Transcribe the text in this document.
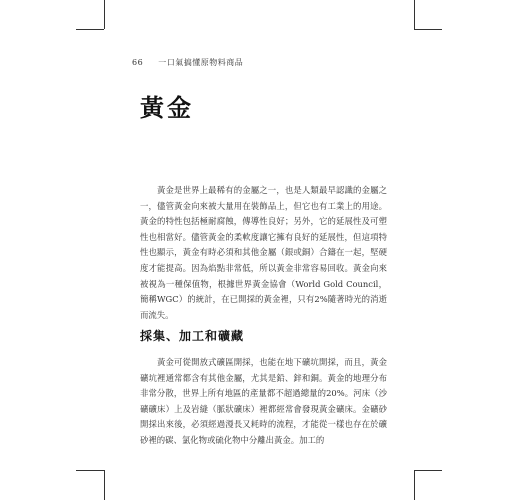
66 一口氣搞懂原物料商品
黃金

黃金是世界上最稀有的金屬之一，也是人類最早認識的金屬之一，儘管黃金向來被大量用在裝飾品上，但它也有工業上的用途。黃金的特性包括極耐腐蝕，傳導性良好；另外，它的延展性及可塑性也相當好。儘管黃金的柔軟度讓它擁有良好的延展性，但這項特性也顯示，黃金有時必須和其他金屬（銀或銅）合鑄在一起，堅硬度才能提高。因為焰點非常低，所以黃金非常容易回收。黃金向來被視為一種保值物，根據世界黃金協會（World Gold Council，簡稱WGC）的統計，在已開採的黃金裡，只有2%隨著時光的消逝而流失。

採集、加工和礦藏

黃金可從開放式礦區開採，也能在地下礦坑開採，而且，黃金礦坑裡通常都含有其他金屬，尤其是鉛、鋅和銅。黃金的地理分布非常分散，世界上所有地區的產量都不超過總量的20%。河床（沙礦礦床）上及岩縫（脈狀礦床）裡都經常會發現黃金礦床。金礦砂開採出來後，必須經過漫長又耗時的流程，才能從一樣也存在於礦砂裡的碳、氯化物或硫化物中分離出黃金。加工的
